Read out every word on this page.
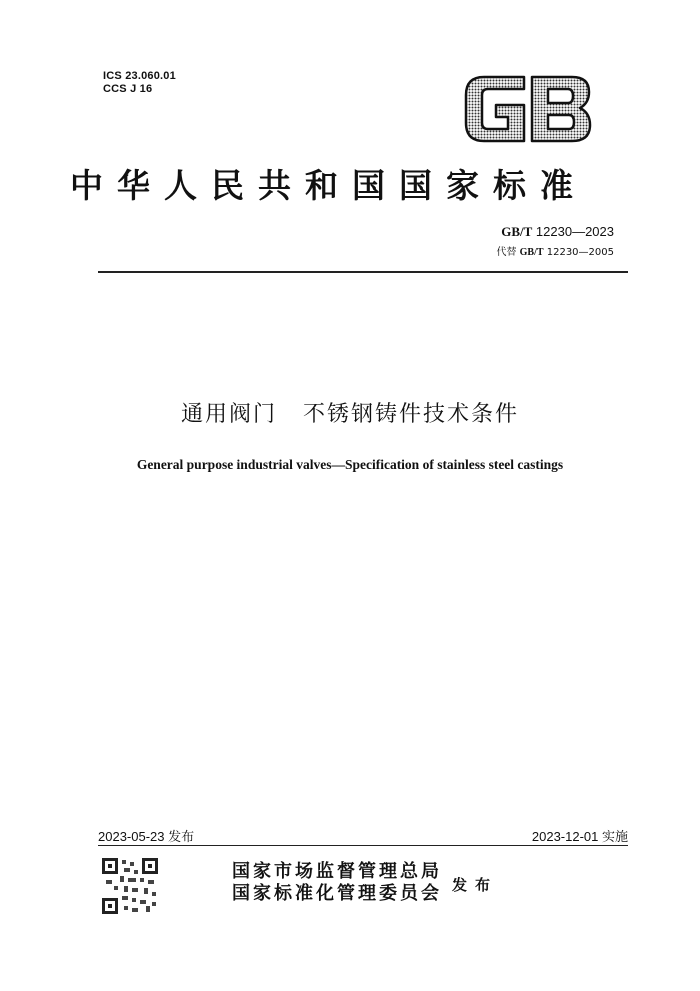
ICS 23.060.01
CCS J 16
中华人民共和国国家标准
GB/T 12230—2023
代替 GB/T 12230—2005
通用阀门 不锈钢铸件技术条件
General purpose industrial valves—Specification of stainless steel castings
2023-05-23 发布	2023-12-01 实施
国家市场监督管理总局
国家标准化管理委员会 发布
